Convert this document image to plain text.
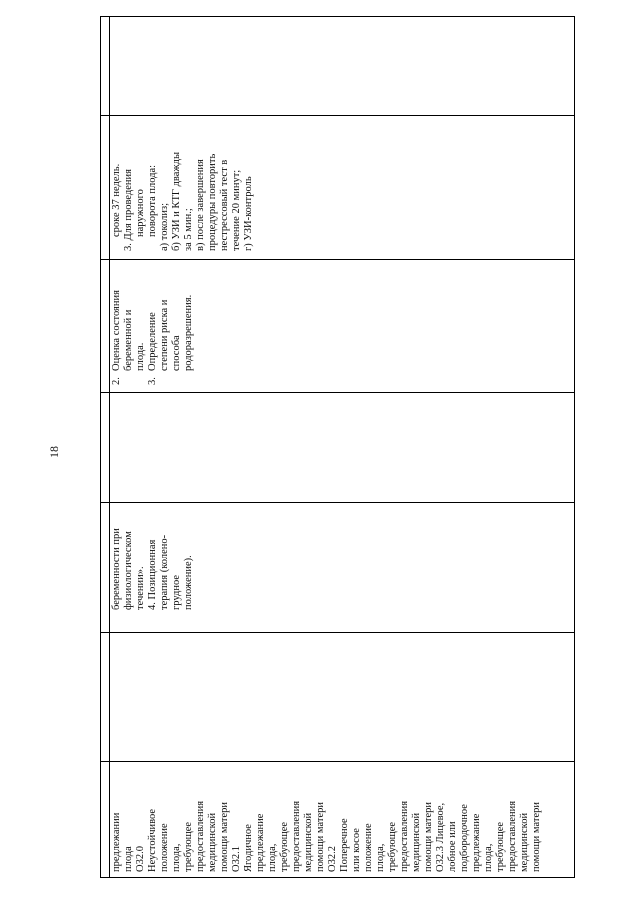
18
предлежании плода O32.0 Неустойчивое положение плода, требующее предоставления медицинской помощи матери O32.1 Ягодичное предлежание плода, требующее предоставления медицинской помощи матери O32.2 Поперечное или косое положение плода, требующее предоставления медицинской помощи матери O32.3 Лицевое, лобное или подбородочное предлежание плода, требующее предоставления медицинской помощи матери

беременности при физиологическом течении». 4. Позиционная терапия (колено- грудное положение).

2.
Оценка состояния беременной и плода.
3.
Определение степени риска и способа родоразрешения.
сроке 37 недель. 3. Для проведения наружного поворота плода: а) токолиз; б) УЗИ и КТГ дважды за 5 мин.; в) после завершения процедуры повторить нестрессовый тест в течение 20 минут; г) УЗИ-контроль
